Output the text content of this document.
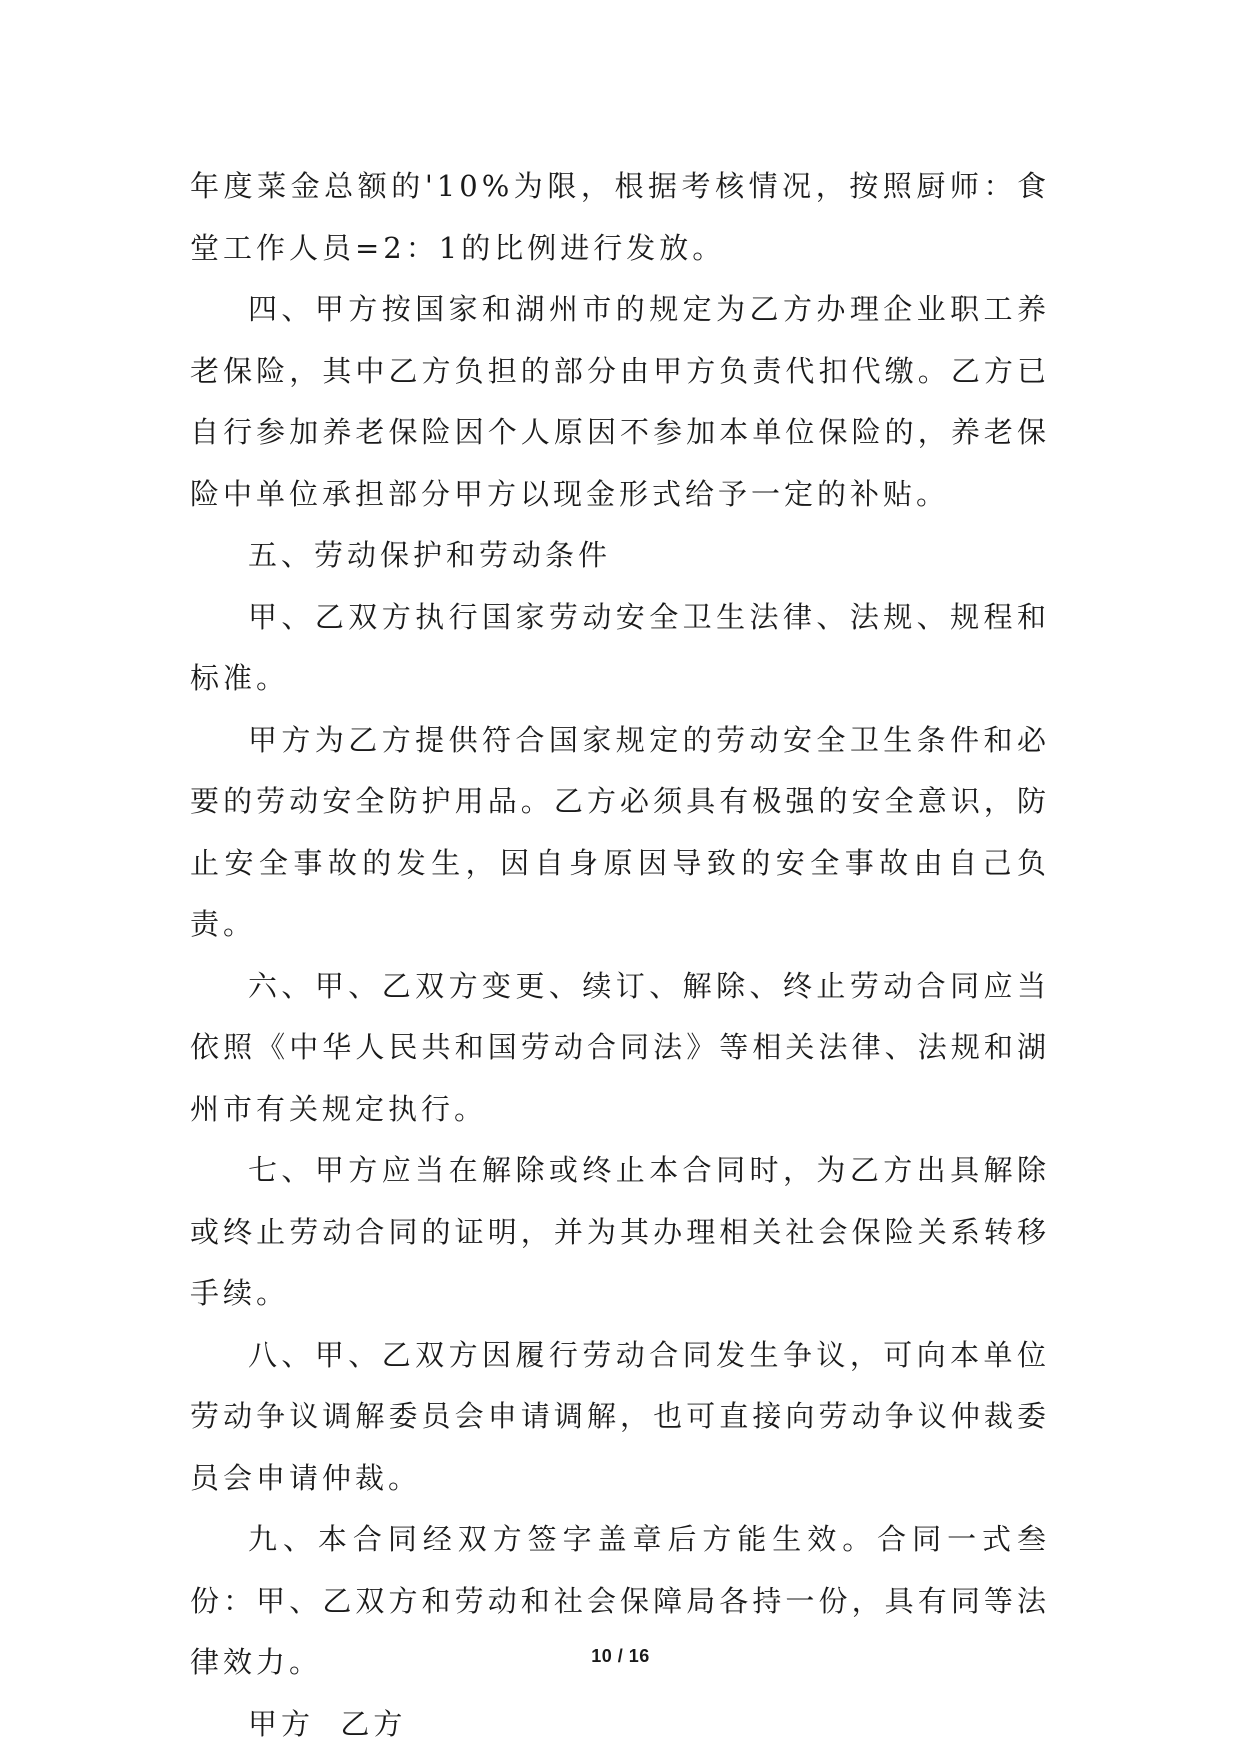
年度菜金总额的'10%为限，根据考核情况，按照厨师：食堂工作人员=2：1的比例进行发放。

四、甲方按国家和湖州市的规定为乙方办理企业职工养老保险，其中乙方负担的部分由甲方负责代扣代缴。乙方已自行参加养老保险因个人原因不参加本单位保险的，养老保险中单位承担部分甲方以现金形式给予一定的补贴。

五、劳动保护和劳动条件

甲、乙双方执行国家劳动安全卫生法律、法规、规程和标准。

甲方为乙方提供符合国家规定的劳动安全卫生条件和必要的劳动安全防护用品。乙方必须具有极强的安全意识，防止安全事故的发生，因自身原因导致的安全事故由自己负责。

六、甲、乙双方变更、续订、解除、终止劳动合同应当依照《中华人民共和国劳动合同法》等相关法律、法规和湖州市有关规定执行。

七、甲方应当在解除或终止本合同时，为乙方出具解除或终止劳动合同的证明，并为其办理相关社会保险关系转移手续。

八、甲、乙双方因履行劳动合同发生争议，可向本单位劳动争议调解委员会申请调解，也可直接向劳动争议仲裁委员会申请仲裁。

九、本合同经双方签字盖章后方能生效。合同一式叁份：甲、乙双方和劳动和社会保障局各持一份，具有同等法律效力。

甲方  乙方

10 / 16
